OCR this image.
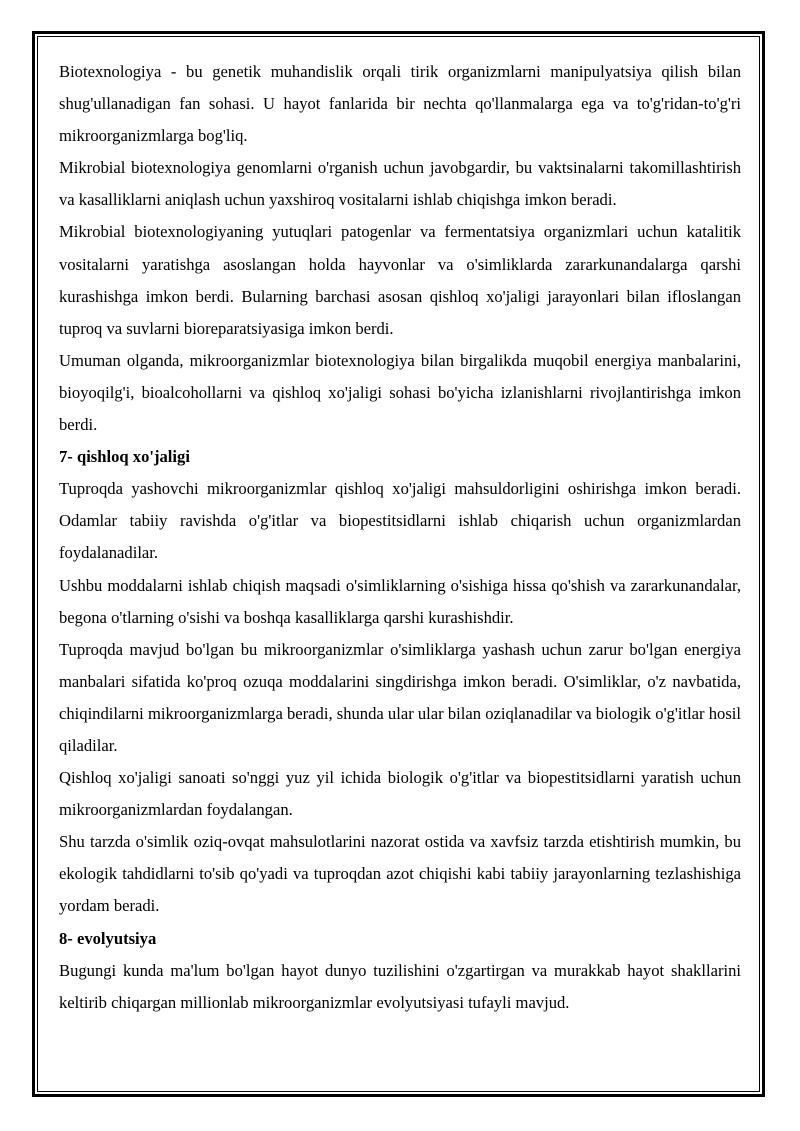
Biotexnologiya - bu genetik muhandislik orqali tirik organizmlarni manipulyatsiya qilish bilan shug'ullanadigan fan sohasi. U hayot fanlarida bir nechta qo'llanmalarga ega va to'g'ridan-to'g'ri mikroorganizmlarga bog'liq.

Mikrobial biotexnologiya genomlarni o'rganish uchun javobgardir, bu vaktsinalarni takomillashtirish va kasalliklarni aniqlash uchun yaxshiroq vositalarni ishlab chiqishga imkon beradi.

Mikrobial biotexnologiyaning yutuqlari patogenlar va fermentatsiya organizmlari uchun katalitik vositalarni yaratishga asoslangan holda hayvonlar va o'simliklarda zararkunandalarga qarshi kurashishga imkon berdi. Bularning barchasi asosan qishloq xo'jaligi jarayonlari bilan ifloslangan tuproq va suvlarni bioreparatsiyasiga imkon berdi.

Umuman olganda, mikroorganizmlar biotexnologiya bilan birgalikda muqobil energiya manbalarini, bioyoqilg'i, bioalcohollarni va qishloq xo'jaligi sohasi bo'yicha izlanishlarni rivojlantirishga imkon berdi.

7- qishloq xo'jaligi

Tuproqda yashovchi mikroorganizmlar qishloq xo'jaligi mahsuldorligini oshirishga imkon beradi. Odamlar tabiiy ravishda o'g'itlar va biopestitsidlarni ishlab chiqarish uchun organizmlardan foydalanadilar.

Ushbu moddalarni ishlab chiqish maqsadi o'simliklarning o'sishiga hissa qo'shish va zararkunandalar, begona o'tlarning o'sishi va boshqa kasalliklarga qarshi kurashishdir.

Tuproqda mavjud bo'lgan bu mikroorganizmlar o'simliklarga yashash uchun zarur bo'lgan energiya manbalari sifatida ko'proq ozuqa moddalarini singdirishga imkon beradi. O'simliklar, o'z navbatida, chiqindilarni mikroorganizmlarga beradi, shunda ular ular bilan oziqlanadilar va biologik o'g'itlar hosil qiladilar.

Qishloq xo'jaligi sanoati so'nggi yuz yil ichida biologik o'g'itlar va biopestitsidlarni yaratish uchun mikroorganizmlardan foydalangan.

Shu tarzda o'simlik oziq-ovqat mahsulotlarini nazorat ostida va xavfsiz tarzda etishtirish mumkin, bu ekologik tahdidlarni to'sib qo'yadi va tuproqdan azot chiqishi kabi tabiiy jarayonlarning tezlashishiga yordam beradi.

8- evolyutsiya

Bugungi kunda ma'lum bo'lgan hayot dunyo tuzilishini o'zgartirgan va murakkab hayot shakllarini keltirib chiqargan millionlab mikroorganizmlar evolyutsiyasi tufayli mavjud.
